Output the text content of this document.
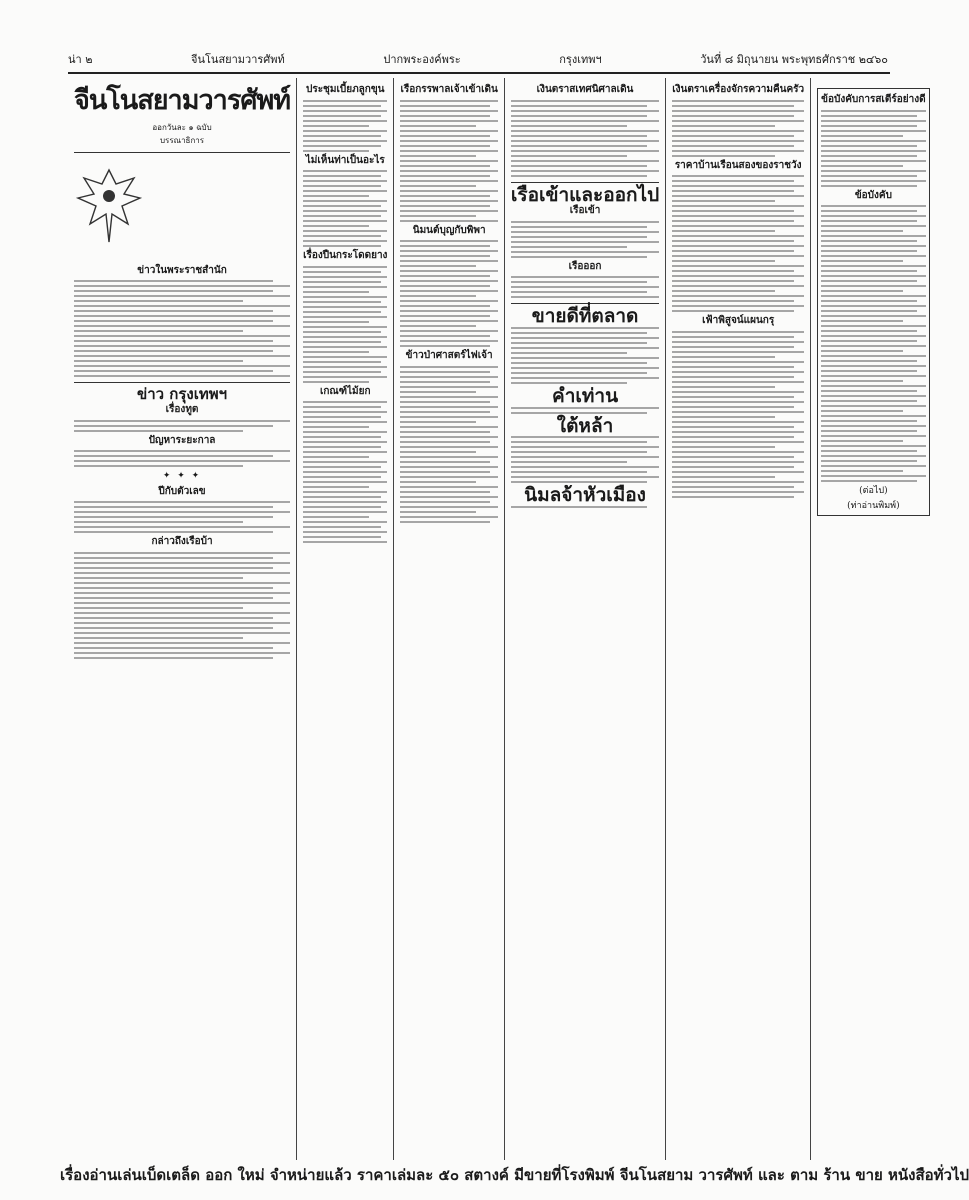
น่า ๒	จีนโนสยามวารศัพท์	ปากพระองค์พระ	กรุงเทพฯ	วันที่ ๘ มิถุนายน พระพุทธศักราช ๒๔๖๐
จีนโนสยามวารศัพท์
ออกวันละ ๑ ฉบับ
บรรณาธิการ
ข่าวในพระราชสำนัก
ข่าว กรุงเทพฯ
เรื่องทูต
ปัญหาระยะกาล
✦ ✦ ✦
ปีกับตัวเลข
กล่าวถึงเรือบ้า
ประชุมเบี้ยภลูกขุน
ไม่เห็นท่าเป็นอะไร
เรื่องปืนกระโดดยาง
เกณฑ์ไม้ยก
เรือกรรพาลเจ้าเข้าเดิน
นิมนต์บุญกับพิพา
ข้าวป่าศาสตร์ไฟเจ้า
เงินตราสเทศนิศาลเดิน
เรือเข้าและออกไป
เรือเข้า
เรือออก
ขายดีที่ตลาด
คำเท่าน
ใต้หล้า
นิมลจ้าหัวเมือง
เงินตราเครื่องจักรความคืนครัว
ราคาบ้านเรือนสองของราชวัง
เฟ้าพิสูจน์แผนกรุ
ข้อบังคับการสเตีร์อย่างดี
ข้อบังคับ
(ต่อไป)
(ท่าอ่านพิมพ์)
เรื่องอ่านเล่นเบ็ดเตล็ด ออก ใหม่ จำหน่ายแล้ว ราคาเล่มละ ๕๐ สตางค์ มีขายที่โรงพิมพ์ จีนโนสยาม วารศัพท์ และ ตาม ร้าน ขาย หนังสือทั่วไป
